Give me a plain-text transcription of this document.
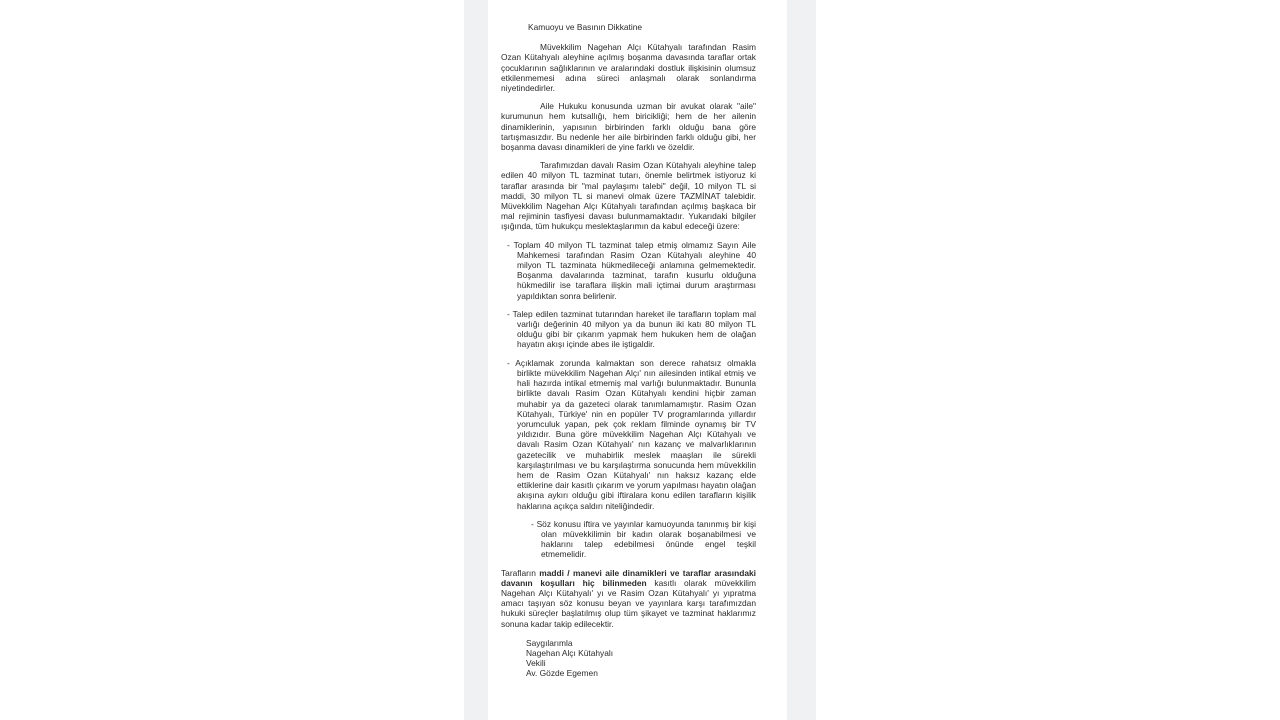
Kamuoyu ve Basının Dikkatine

Müvekkilim Nagehan Alçı Kütahyalı tarafından Rasim Ozan Kütahyalı aleyhine açılmış boşanma davasında taraflar ortak çocuklarının sağlıklarının ve aralarındaki dostluk ilişkisinin olumsuz etkilenmemesi adına süreci anlaşmalı olarak sonlandırma niyetindedirler.

Aile Hukuku konusunda uzman bir avukat olarak "aile" kurumunun hem kutsallığı, hem biricikliği; hem de her ailenin dinamiklerinin, yapısının birbirinden farklı olduğu bana göre tartışmasızdır. Bu nedenle her aile birbirinden farklı olduğu gibi, her boşanma davası dinamikleri de yine farklı ve özeldir.

Tarafımızdan davalı Rasim Ozan Kütahyalı aleyhine talep edilen 40 milyon TL tazminat tutarı, önemle belirtmek istiyoruz ki taraflar arasında bir "mal paylaşımı talebi" değil, 10 milyon TL si maddi, 30 milyon TL si manevi olmak üzere TAZMİNAT talebidir. Müvekkilim Nagehan Alçı Kütahyalı tarafından açılmış başkaca bir mal rejiminin tasfiyesi davası bulunmamaktadır. Yukarıdaki bilgiler ışığında, tüm hukukçu meslektaşlarımın da kabul edeceği üzere:

- Toplam 40 milyon TL tazminat talep etmiş olmamız Sayın Aile Mahkemesi tarafından Rasim Ozan Kütahyalı aleyhine 40 milyon TL tazminata hükmedileceği anlamına gelmemektedir. Boşanma davalarında tazminat, tarafın kusurlu olduğuna hükmedilir ise taraflara ilişkin mali içtimai durum araştırması yapıldıktan sonra belirlenir.

- Talep edilen tazminat tutarından hareket ile tarafların toplam mal varlığı değerinin 40 milyon ya da bunun iki katı 80 milyon TL olduğu gibi bir çıkarım yapmak hem hukuken hem de olağan hayatın akışı içinde abes ile iştigaldir.

- Açıklamak zorunda kalmaktan son derece rahatsız olmakla birlikte müvekkilim Nagehan Alçı' nın ailesinden intikal etmiş ve hali hazırda intikal etmemiş mal varlığı bulunmaktadır. Bununla birlikte davalı Rasim Ozan Kütahyalı kendini hiçbir zaman muhabir ya da gazeteci olarak tanımlamamıştır. Rasim Ozan Kütahyalı, Türkiye' nin en popüler TV programlarında yıllardır yorumculuk yapan, pek çok reklam filminde oynamış bir TV yıldızıdır. Buna göre müvekkilim Nagehan Alçı Kütahyalı ve davalı Rasim Ozan Kütahyalı' nın kazanç ve malvarlıklarının gazetecilik ve muhabirlik meslek maaşları ile sürekli karşılaştırılması ve bu karşılaştırma sonucunda hem müvekkilin hem de Rasim Ozan Kütahyalı' nın haksız kazanç elde ettiklerine dair kasıtlı çıkarım ve yorum yapılması hayatın olağan akışına aykırı olduğu gibi iftiralara konu edilen tarafların kişilik haklarına açıkça saldırı niteliğindedir.

- Söz konusu iftira ve yayınlar kamuoyunda tanınmış bir kişi olan müvekkilimin bir kadın olarak boşanabilmesi ve haklarını talep edebilmesi önünde engel teşkil etmemelidir.

Tarafların maddi / manevi aile dinamikleri ve taraflar arasındaki davanın koşulları hiç bilinmeden kasıtlı olarak müvekkilim Nagehan Alçı Kütahyalı' yı ve Rasim Ozan Kütahyalı' yı yıpratma amacı taşıyan söz konusu beyan ve yayınlara karşı tarafımızdan hukuki süreçler başlatılmış olup tüm şikayet ve tazminat haklarımız sonuna kadar takip edilecektir.

Saygılarımla
Nagehan Alçı Kütahyalı
Vekili
Av. Gözde Egemen
